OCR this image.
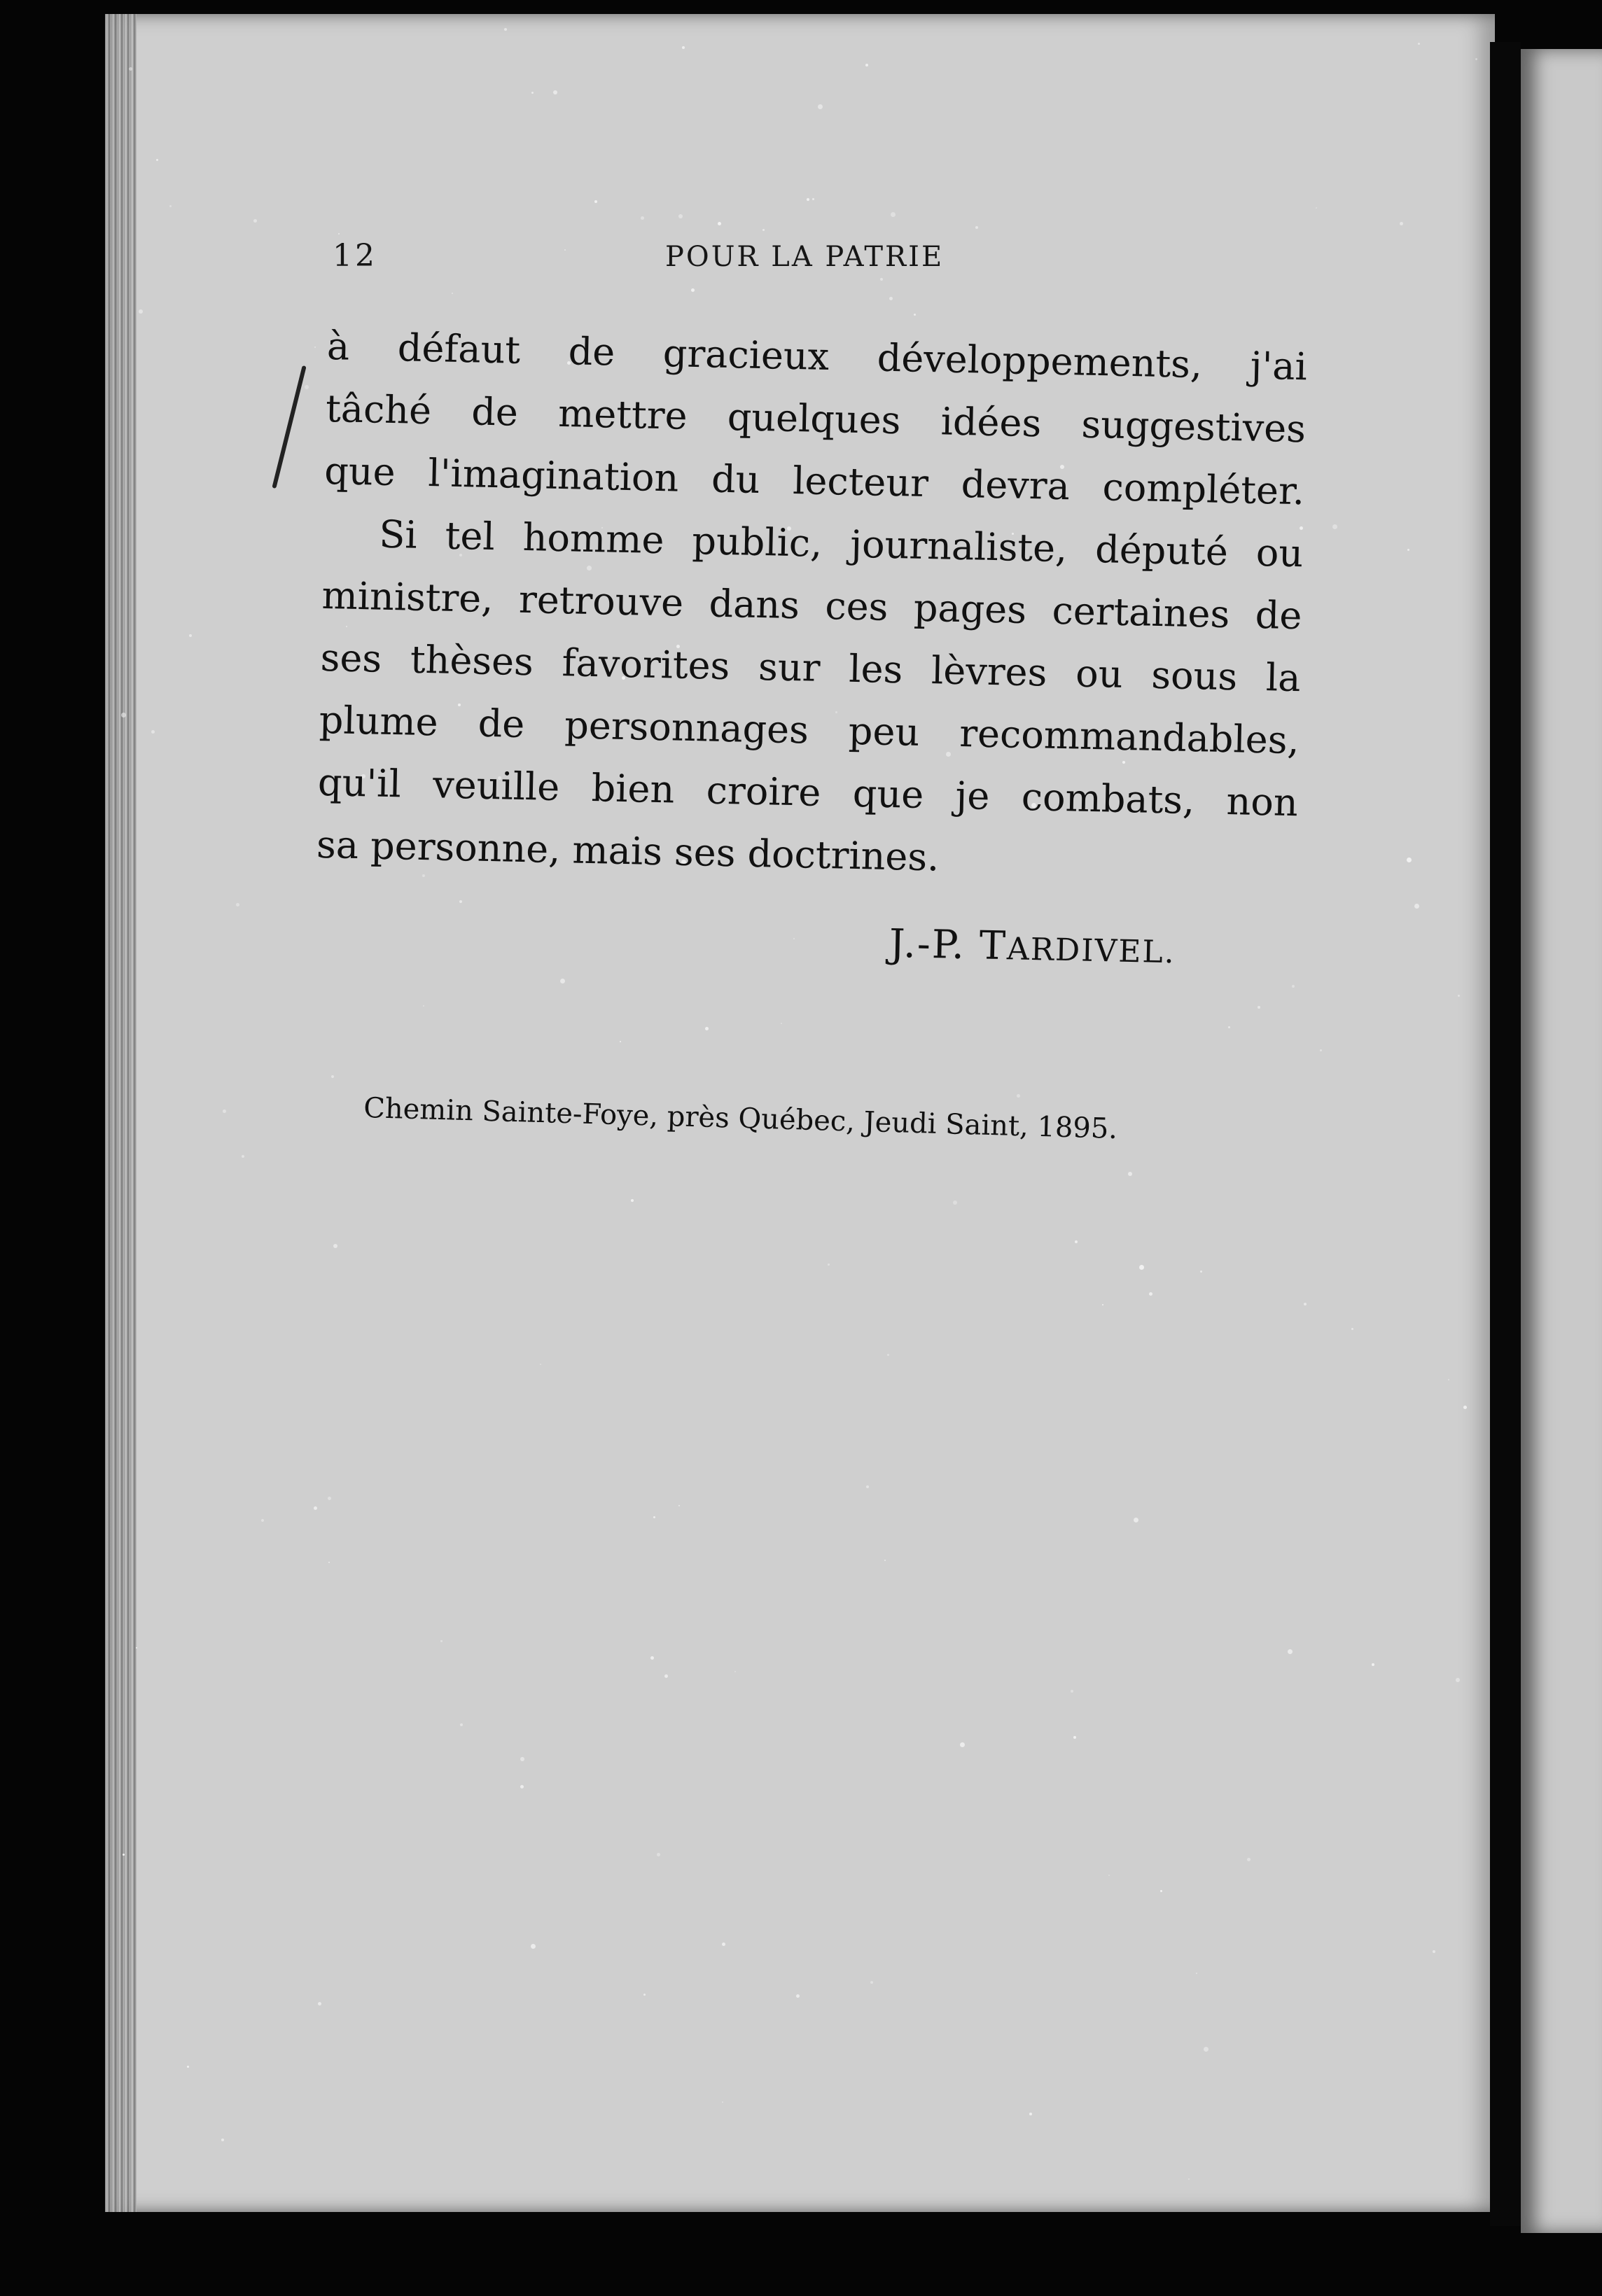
12	POUR LA PATRIE

à défaut de gracieux développements, j'ai
tâché de mettre quelques idées suggestives
que l'imagination du lecteur devra compléter.

Si tel homme public, journaliste, député ou
ministre, retrouve dans ces pages certaines de
ses thèses favorites sur les lèvres ou sous la
plume de personnages peu recommandables,
qu'il veuille bien croire que je combats, non
sa personne, mais ses doctrines.

J.-P. TARDIVEL.
Chemin Sainte-Foye, près Québec, Jeudi Saint, 1895.
